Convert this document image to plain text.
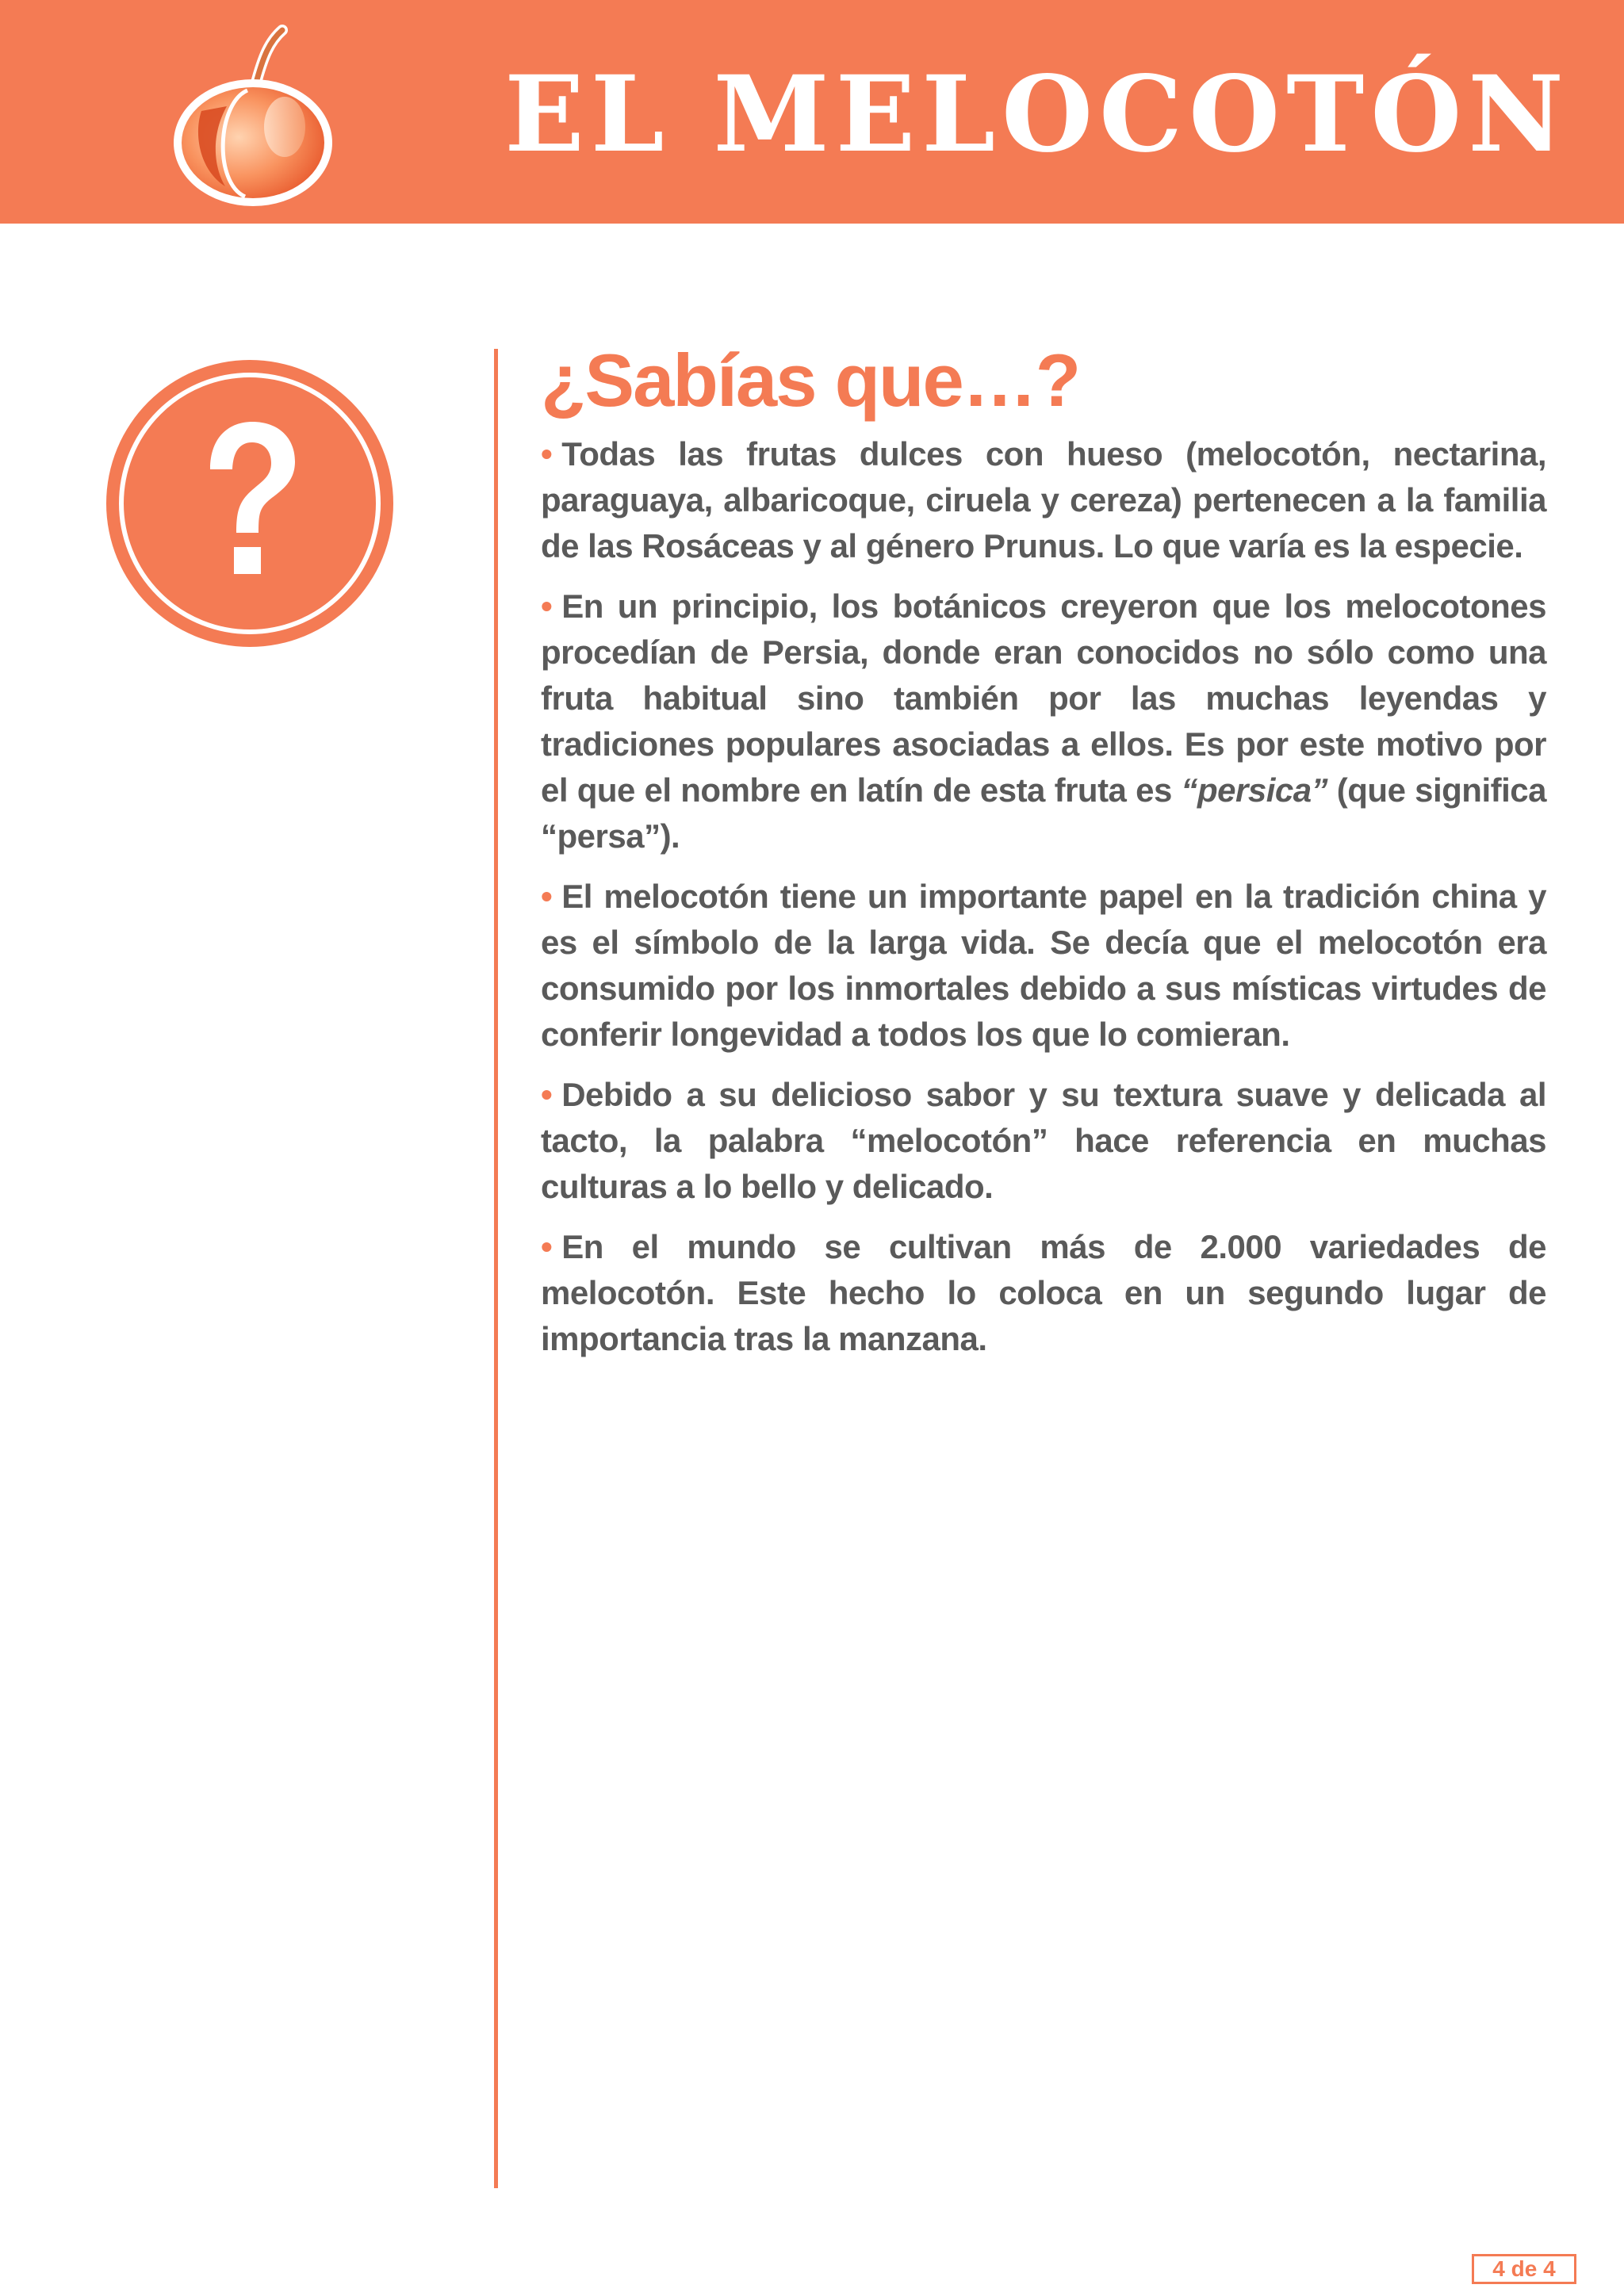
EL MELOCOTÓN
¿Sabías que…?
• Todas las frutas dulces con hueso (melocotón, nectarina, paraguaya, albaricoque, ciruela y cereza) pertenecen a la familia de las Rosáceas y al género Prunus. Lo que varía es la especie.
• En un principio, los botánicos creyeron que los melocotones procedían de Persia, donde eran conocidos no sólo como una fruta habitual sino también por las muchas leyendas y tradiciones populares asociadas a ellos. Es por este motivo por el que el nombre en latín de esta fruta es “persica” (que significa “persa”).
• El melocotón tiene un importante papel en la tradición china y es el símbolo de la larga vida. Se decía que el melocotón era consumido por los inmortales debido a sus místicas virtudes de conferir longevidad a todos los que lo comieran.
• Debido a su delicioso sabor y su textura suave y delicada al tacto, la palabra “melocotón” hace referencia en muchas culturas a lo bello y delicado.
• En el mundo se cultivan más de 2.000 variedades de melocotón. Este hecho lo coloca en un segundo lugar de importancia tras la manzana.
4 de 4
